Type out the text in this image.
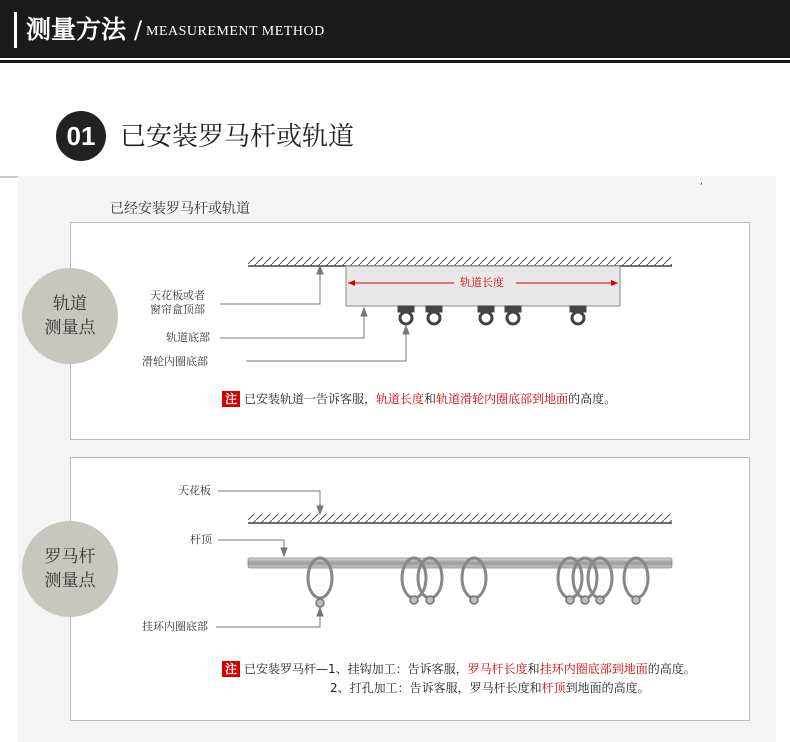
测量方法 / MEASUREMENT METHOD
01 已安装罗马杆或轨道
‘
已经安装罗马杆或轨道
轨道
测量点
天花板或者
窗帘盒顶部
轨道底部
滑轮内圈底部
轨道长度
注 已安装轨道一告诉客服，轨道长度和轨道滑轮内圈底部到地面的高度。
罗马杆
测量点
天花板
杆顶
挂环内圈底部
注 已安装罗马杆—1、挂钩加工：告诉客服，罗马杆长度和挂环内圈底部到地面的高度。
2、打孔加工：告诉客服，罗马杆长度和杆顶到地面的高度。
